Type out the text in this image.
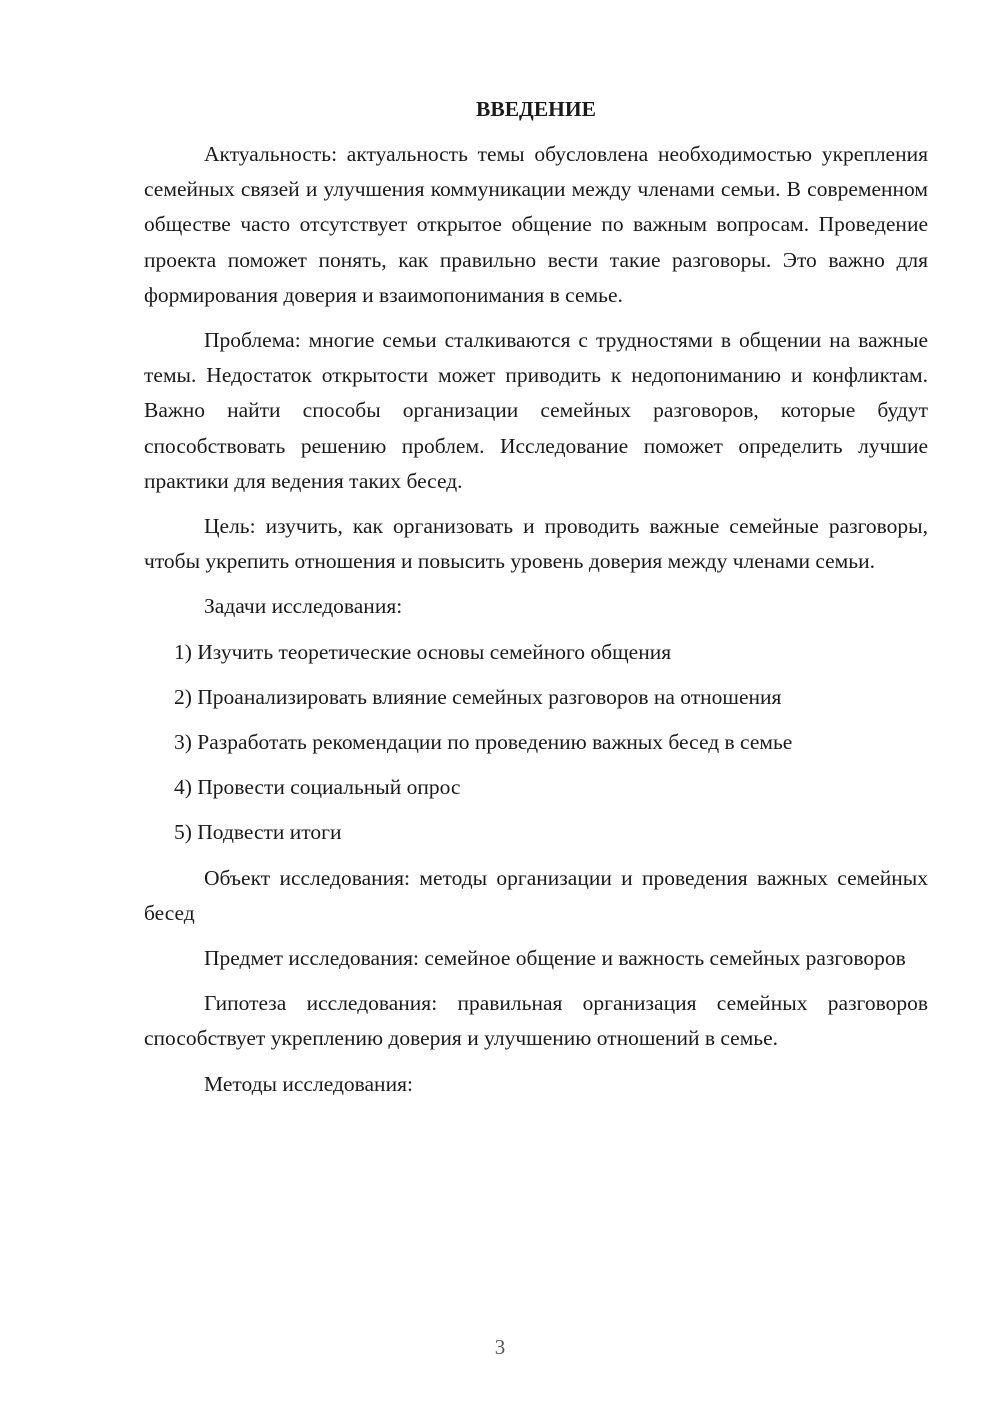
ВВЕДЕНИЕ

Актуальность: актуальность темы обусловлена необходимостью укрепления семейных связей и улучшения коммуникации между членами семьи. В современном обществе часто отсутствует открытое общение по важным вопросам. Проведение проекта поможет понять, как правильно вести такие разговоры. Это важно для формирования доверия и взаимопонимания в семье.

Проблема: многие семьи сталкиваются с трудностями в общении на важные темы. Недостаток открытости может приводить к недопониманию и конфликтам. Важно найти способы организации семейных разговоров, которые будут способствовать решению проблем. Исследование поможет определить лучшие практики для ведения таких бесед.

Цель: изучить, как организовать и проводить важные семейные разговоры, чтобы укрепить отношения и повысить уровень доверия между членами семьи.

Задачи исследования:

1) Изучить теоретические основы семейного общения
2) Проанализировать влияние семейных разговоров на отношения
3) Разработать рекомендации по проведению важных бесед в семье
4) Провести социальный опрос
5) Подвести итоги

Объект исследования: методы организации и проведения важных семейных бесед

Предмет исследования: семейное общение и важность семейных разговоров

Гипотеза исследования: правильная организация семейных разговоров способствует укреплению доверия и улучшению отношений в семье.

Методы исследования:

3
